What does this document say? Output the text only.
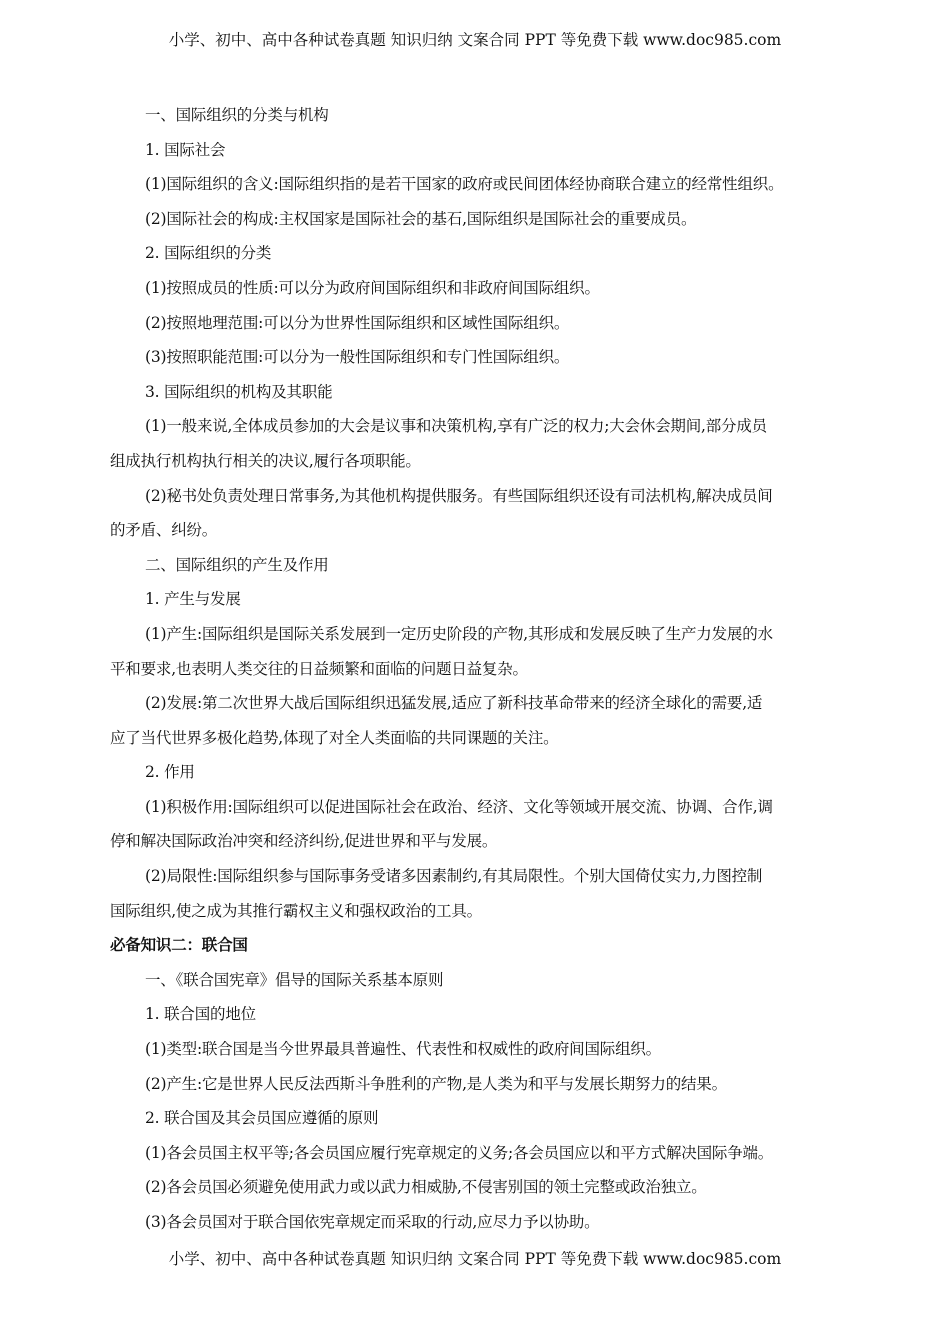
小学、初中、高中各种试卷真题 知识归纳 文案合同 PPT 等免费下载 www.doc985.com
一、国际组织的分类与机构
1. 国际社会
(1)国际组织的含义:国际组织指的是若干国家的政府或民间团体经协商联合建立的经常性组织。
(2)国际社会的构成:主权国家是国际社会的基石,国际组织是国际社会的重要成员。
2. 国际组织的分类
(1)按照成员的性质:可以分为政府间国际组织和非政府间国际组织。
(2)按照地理范围:可以分为世界性国际组织和区域性国际组织。
(3)按照职能范围:可以分为一般性国际组织和专门性国际组织。
3. 国际组织的机构及其职能
(1)一般来说,全体成员参加的大会是议事和决策机构,享有广泛的权力;大会休会期间,部分成员
组成执行机构执行相关的决议,履行各项职能。
(2)秘书处负责处理日常事务,为其他机构提供服务。有些国际组织还设有司法机构,解决成员间
的矛盾、纠纷。
二、国际组织的产生及作用
1. 产生与发展
(1)产生:国际组织是国际关系发展到一定历史阶段的产物,其形成和发展反映了生产力发展的水
平和要求,也表明人类交往的日益频繁和面临的问题日益复杂。
(2)发展:第二次世界大战后国际组织迅猛发展,适应了新科技革命带来的经济全球化的需要,适
应了当代世界多极化趋势,体现了对全人类面临的共同课题的关注。
2. 作用
(1)积极作用:国际组织可以促进国际社会在政治、经济、文化等领域开展交流、协调、合作,调
停和解决国际政治冲突和经济纠纷,促进世界和平与发展。
(2)局限性:国际组织参与国际事务受诸多因素制约,有其局限性。个别大国倚仗实力,力图控制
国际组织,使之成为其推行霸权主义和强权政治的工具。
必备知识二：联合国
一、《联合国宪章》倡导的国际关系基本原则
1. 联合国的地位
(1)类型:联合国是当今世界最具普遍性、代表性和权威性的政府间国际组织。
(2)产生:它是世界人民反法西斯斗争胜利的产物,是人类为和平与发展长期努力的结果。
2. 联合国及其会员国应遵循的原则
(1)各会员国主权平等;各会员国应履行宪章规定的义务;各会员国应以和平方式解决国际争端。
(2)各会员国必须避免使用武力或以武力相威胁,不侵害别国的领土完整或政治独立。
(3)各会员国对于联合国依宪章规定而采取的行动,应尽力予以协助。
小学、初中、高中各种试卷真题 知识归纳 文案合同 PPT 等免费下载 www.doc985.com
